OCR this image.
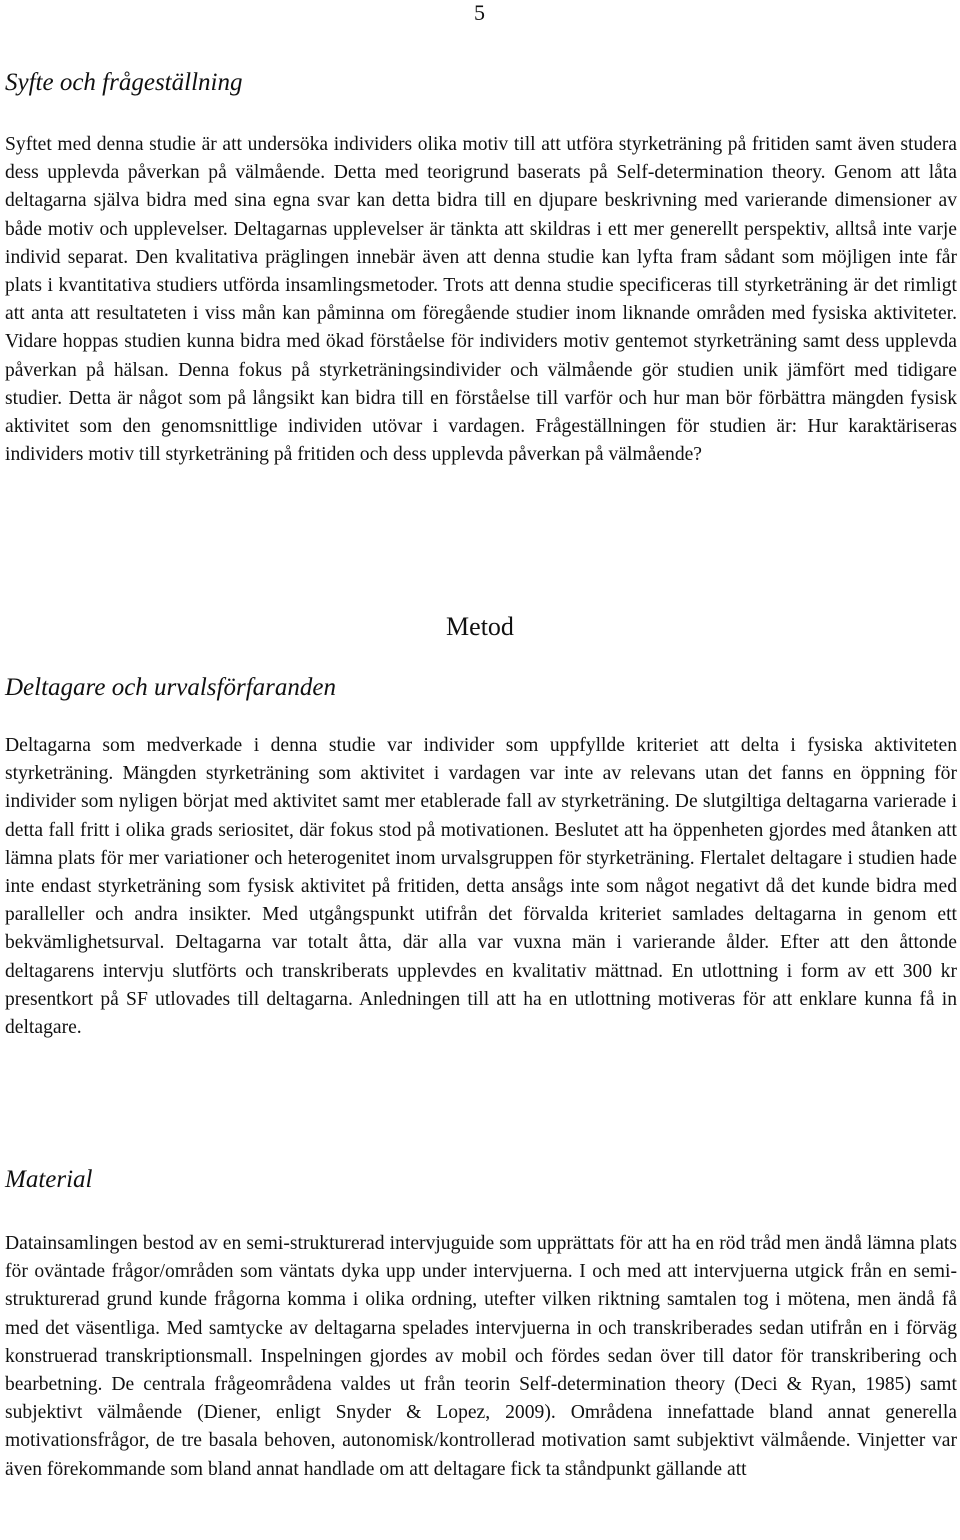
5
Syfte och frågeställning

Syftet med denna studie är att undersöka individers olika motiv till att utföra styrketräning på fritiden samt även studera dess upplevda påverkan på välmående. Detta med teorigrund baserats på Self-determination theory. Genom att låta deltagarna själva bidra med sina egna svar kan detta bidra till en djupare beskrivning med varierande dimensioner av både motiv och upplevelser. Deltagarnas upplevelser är tänkta att skildras i ett mer generellt perspektiv, alltså inte varje individ separat. Den kvalitativa präglingen innebär även att denna studie kan lyfta fram sådant som möjligen inte får plats i kvantitativa studiers utförda insamlingsmetoder. Trots att denna studie specificeras till styrketräning är det rimligt att anta att resultateten i viss mån kan påminna om föregående studier inom liknande områden med fysiska aktiviteter. Vidare hoppas studien kunna bidra med ökad förståelse för individers motiv gentemot styrketräning samt dess upplevda påverkan på hälsan. Denna fokus på styrketräningsindivider och välmående gör studien unik jämfört med tidigare studier. Detta är något som på långsikt kan bidra till en förståelse till varför och hur man bör förbättra mängden fysisk aktivitet som den genomsnittlige individen utövar i vardagen. Frågeställningen för studien är: Hur karaktäriseras individers motiv till styrketräning på fritiden och dess upplevda påverkan på välmående?

Metod
Deltagare och urvalsförfaranden

Deltagarna som medverkade i denna studie var individer som uppfyllde kriteriet att delta i fysiska aktiviteten styrketräning. Mängden styrketräning som aktivitet i vardagen var inte av relevans utan det fanns en öppning för individer som nyligen börjat med aktivitet samt mer etablerade fall av styrketräning. De slutgiltiga deltagarna varierade i detta fall fritt i olika grads seriositet, där fokus stod på motivationen. Beslutet att ha öppenheten gjordes med åtanken att lämna plats för mer variationer och heterogenitet inom urvalsgruppen för styrketräning. Flertalet deltagare i studien hade inte endast styrketräning som fysisk aktivitet på fritiden, detta ansågs inte som något negativt då det kunde bidra med paralleller och andra insikter. Med utgångspunkt utifrån det förvalda kriteriet samlades deltagarna in genom ett bekvämlighetsurval. Deltagarna var totalt åtta, där alla var vuxna män i varierande ålder. Efter att den åttonde deltagarens intervju slutförts och transkriberats upplevdes en kvalitativ mättnad. En utlottning i form av ett 300 kr presentkort på SF utlovades till deltagarna. Anledningen till att ha en utlottning motiveras för att enklare kunna få in deltagare.

Material

Datainsamlingen bestod av en semi-strukturerad intervjuguide som upprättats för att ha en röd tråd men ändå lämna plats för oväntade frågor/områden som väntats dyka upp under intervjuerna. I och med att intervjuerna utgick från en semi-strukturerad grund kunde frågorna komma i olika ordning, utefter vilken riktning samtalen tog i mötena, men ändå få med det väsentliga. Med samtycke av deltagarna spelades intervjuerna in och transkriberades sedan utifrån en i förväg konstruerad transkriptionsmall. Inspelningen gjordes av mobil och fördes sedan över till dator för transkribering och bearbetning. De centrala frågeområdena valdes ut från teorin Self-determination theory (Deci & Ryan, 1985) samt subjektivt välmående (Diener, enligt Snyder & Lopez, 2009). Områdena innefattade bland annat generella motivationsfrågor, de tre basala behoven, autonomisk/kontrollerad motivation samt subjektivt välmående. Vinjetter var även förekommande som bland annat handlade om att deltagare fick ta ståndpunkt gällande att
